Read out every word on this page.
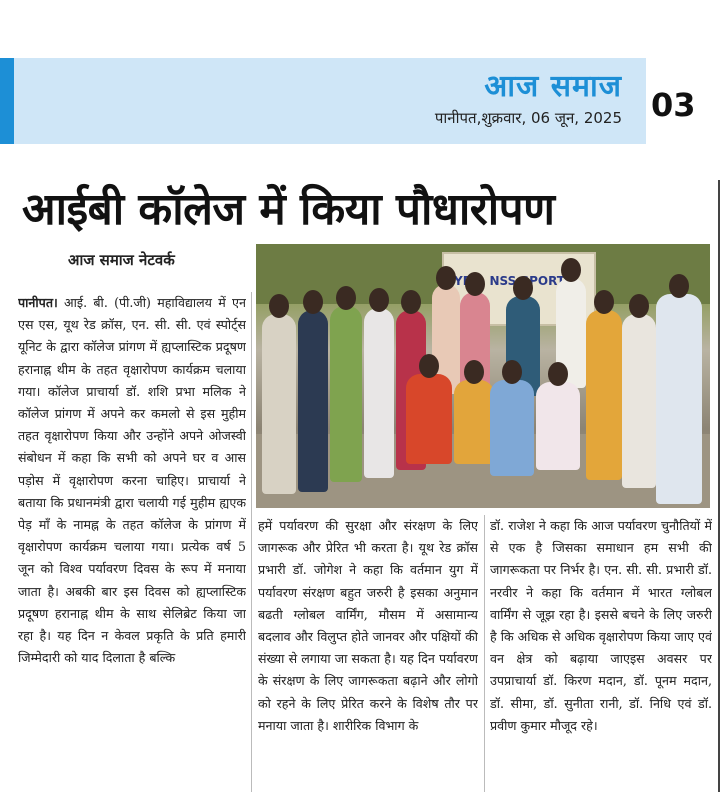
आज समाज
पानीपत,शुक्रवार, 06 जून, 2025 03
आईबी कॉलेज में किया पौधारोपण
आज समाज नेटवर्क
NSS SPORTS

पानीपत। आई. बी. (पी.जी) महाविद्यालय में एन एस एस, यूथ रेड क्रॉस, एन. सी. सी. एवं स्पोर्ट्स यूनिट के द्वारा कॉलेज प्रांगण में ह्यप्लास्टिक प्रदूषण हरानाह्न थीम के तहत वृक्षारोपण कार्यक्रम चलाया गया। कॉलेज प्राचार्या डॉ. शशि प्रभा मलिक ने कॉलेज प्रांगण में अपने कर कमलो से इस मुहीम तहत वृक्षारोपण किया और उन्होंने अपने ओजस्वी संबोधन में कहा कि सभी को अपने घर व आस पड़ोस में वृक्षारोपण करना चाहिए। प्राचार्या ने बताया कि प्रधानमंत्री द्वारा चलायी गई मुहीम ह्यएक पेड़ माँ के नामह्न के तहत कॉलेज के प्रांगण में वृक्षारोपण कार्यक्रम चलाया गया। प्रत्येक वर्ष 5 जून को विश्व पर्यावरण दिवस के रूप में मनाया जाता है। अबकी बार इस दिवस को ह्यप्लास्टिक प्रदूषण हरानाह्न थीम के साथ सेलिब्रेट किया जा रहा है। यह दिन न केवल प्रकृति के प्रति हमारी जिम्मेदारी को याद दिलाता है बल्कि

हमें पर्यावरण की सुरक्षा और संरक्षण के लिए जागरूक और प्रेरित भी करता है। यूथ रेड क्रॉस प्रभारी डॉ. जोगेश ने कहा कि वर्तमान युग में पर्यावरण संरक्षण बहुत जरुरी है इसका अनुमान बढती ग्लोबल वार्मिंग, मौसम में असामान्य बदलाव और विलुप्त होते जानवर और पक्षियों की संख्या से लगाया जा सकता है। यह दिन पर्यावरण के संरक्षण के लिए जागरूकता बढ़ाने और लोगो को रहने के लिए प्रेरित करने के विशेष तौर पर मनाया जाता है। शारीरिक विभाग के

डॉ. राजेश ने कहा कि आज पर्यावरण चुनौतियों में से एक है जिसका समाधान हम सभी की जागरूकता पर निर्भर है। एन. सी. सी. प्रभारी डॉ. नरवीर ने कहा कि वर्तमान में भारत ग्लोबल वार्मिंग से जूझ रहा है। इससे बचने के लिए जरुरी है कि अधिक से अधिक वृक्षारोपण किया जाए एवं वन क्षेत्र को बढ़ाया जाएइस अवसर पर उपप्राचार्या डॉ. किरण मदान, डॉ. पूनम मदान, डॉ. सीमा, डॉ. सुनीता रानी, डॉ. निधि एवं डॉ. प्रवीण कुमार मौजूद रहे।
